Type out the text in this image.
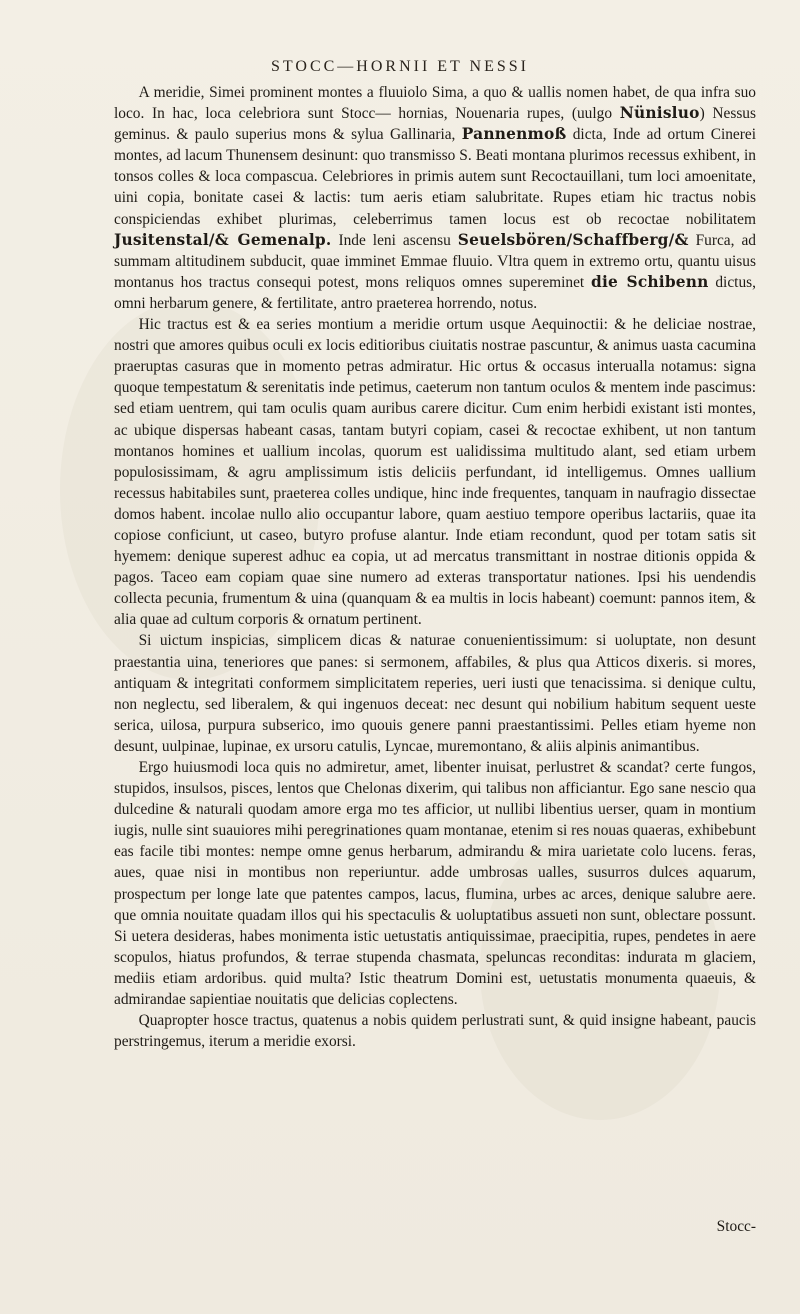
STOCC—HORNII ET NESSI

A meridie, Simei prominent montes a fluuiolo Sima, a quo & uallis nomen habet, de qua infra suo loco. In hac, loca celebriora sunt Stocc— hornias, Nouenaria rupes, (uulgo Nünisluo) Nessus geminus. & paulo superius mons & sylua Gallinaria, Pannenmoß dicta, Inde ad ortum Cinerei montes, ad lacum Thunensem desinunt: quo transmisso S. Beati montana plurimos recessus exhibent, in tonsos colles & loca compascua. Celebriores in primis autem sunt Recoctauillani, tum loci amoenitate, uini copia, bonitate casei & lactis: tum aeris etiam salubritate. Rupes etiam hic tractus nobis conspiciendas exhibet plurimas, celeberrimus tamen locus est ob recoctae nobilitatem Jusitenstal/& Gemenalp. Inde leni ascensu Seuelsbören/Schaffberg/& Furca, ad summam altitudinem subducit, quae imminet Emmae fluuio. Vltra quem in extremo ortu, quantu uisus montanus hos tractus consequi potest, mons reliquos omnes supereminet die Schibenn dictus, omni herbarum genere, & fertilitate, antro praeterea horrendo, notus.

Hic tractus est & ea series montium a meridie ortum usque Aequinoctii: & he deliciae nostrae, nostri que amores quibus oculi ex locis editioribus ciuitatis nostrae pascuntur, & animus uasta cacumina praeruptas casuras que in momento petras admiratur. Hic ortus & occasus interualla notamus: signa quoque tempestatum & serenitatis inde petimus, caeterum non tantum oculos & mentem inde pascimus: sed etiam uentrem, qui tam oculis quam auribus carere dicitur. Cum enim herbidi existant isti montes, ac ubique dispersas habeant casas, tantam butyri copiam, casei & recoctae exhibent, ut non tantum montanos homines et uallium incolas, quorum est ualidissima multitudo alant, sed etiam urbem populosissimam, & agru amplissimum istis deliciis perfundant, id intelligemus. Omnes uallium recessus habitabiles sunt, praeterea colles undique, hinc inde frequentes, tanquam in naufragio dissectae domos habent. incolae nullo alio occupantur labore, quam aestiuo tempore operibus lactariis, quae ita copiose conficiunt, ut caseo, butyro profuse alantur. Inde etiam recondunt, quod per totam satis sit hyemem: denique superest adhuc ea copia, ut ad mercatus transmittant in nostrae ditionis oppida & pagos. Taceo eam copiam quae sine numero ad exteras transportatur nationes. Ipsi his uendendis collecta pecunia, frumentum & uina (quanquam & ea multis in locis habeant) coemunt: pannos item, & alia quae ad cultum corporis & ornatum pertinent.

Si uictum inspicias, simplicem dicas & naturae conuenientissimum: si uoluptate, non desunt praestantia uina, teneriores que panes: si sermonem, affabiles, & plus qua Atticos dixeris. si mores, antiquam & integritati conformem simplicitatem reperies, ueri iusti que tenacissima. si denique cultu, non neglectu, sed liberalem, & qui ingenuos deceat: nec desunt qui nobilium habitum sequent ueste serica, uilosa, purpura subserico, imo quouis genere panni praestantissimi. Pelles etiam hyeme non desunt, uulpinae, lupinae, ex ursoru catulis, Lyncae, muremontano, & aliis alpinis animantibus.

Ergo huiusmodi loca quis no admiretur, amet, libenter inuisat, perlustret & scandat? certe fungos, stupidos, insulsos, pisces, lentos que Chelonas dixerim, qui talibus non afficiantur. Ego sane nescio qua dulcedine & naturali quodam amore erga mo tes afficior, ut nullibi libentius uerser, quam in montium iugis, nulle sint suauiores mihi peregrinationes quam montanae, etenim si res nouas quaeras, exhibebunt eas facile tibi montes: nempe omne genus herbarum, admirandu & mira uarietate colo lucens. feras, aues, quae nisi in montibus non reperiuntur. adde umbrosas ualles, susurros dulces aquarum, prospectum per longe late que patentes campos, lacus, flumina, urbes ac arces, denique salubre aere. que omnia nouitate quadam illos qui his spectaculis & uoluptatibus assueti non sunt, oblectare possunt. Si uetera desideras, habes monimenta istic uetustatis antiquissimae, praecipitia, rupes, pendetes in aere scopulos, hiatus profundos, & terrae stupenda chasmata, speluncas reconditas: indurata m glaciem, mediis etiam ardoribus. quid multa? Istic theatrum Domini est, uetustatis monumenta quaeuis, & admirandae sapientiae nouitatis que delicias coplectens.

Quapropter hosce tractus, quatenus a nobis quidem perlustrati sunt, & quid insigne habeant, paucis perstringemus, iterum a meridie exorsi.

Stocc-
